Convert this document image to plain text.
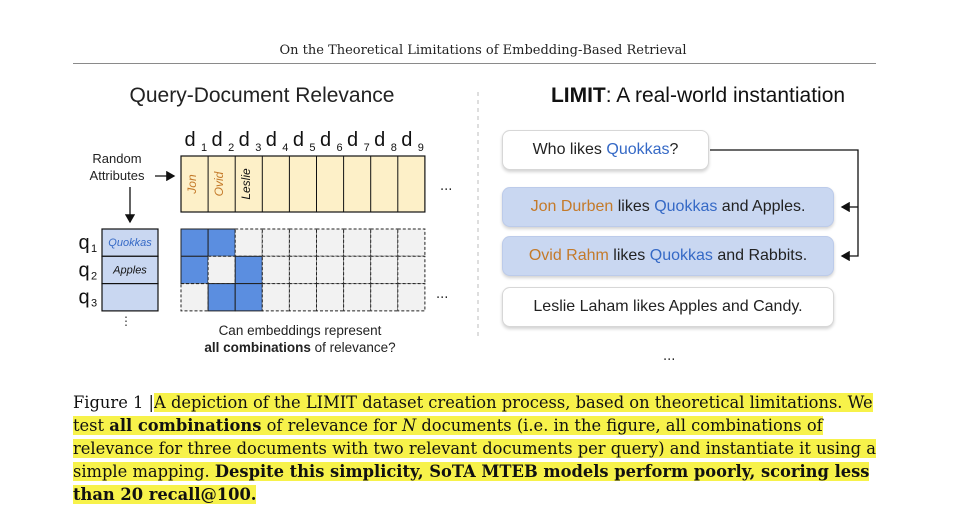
On the Theoretical Limitations of Embedding-Based Retrieval
Query-Document Relevance
d 1 d 2 d 3 d 4 d 5 d 6 d 7 d 8 d 9
Random
Attributes	Jon Ovid Leslie	...
Quokkas
q 1
Apples
q 2
q 3
⋮
...
Can embeddings represent
all combinations of relevance?
LIMIT: A real-world instantiation
...
Who likes Quokkas ?
Jon Durben likes Quokkas and Apples.
Ovid Rahm likes Quokkas and Rabbits.
Leslie Laham likes Apples and Candy.
Figure 1 |A depiction of the LIMIT dataset creation process, based on theoretical limitations. We test all combinations of relevance for N documents (i.e. in the figure, all combinations of relevance for three documents with two relevant documents per query) and instantiate it using a simple mapping. Despite this simplicity, SoTA MTEB models perform poorly, scoring less than 20 recall@100.
